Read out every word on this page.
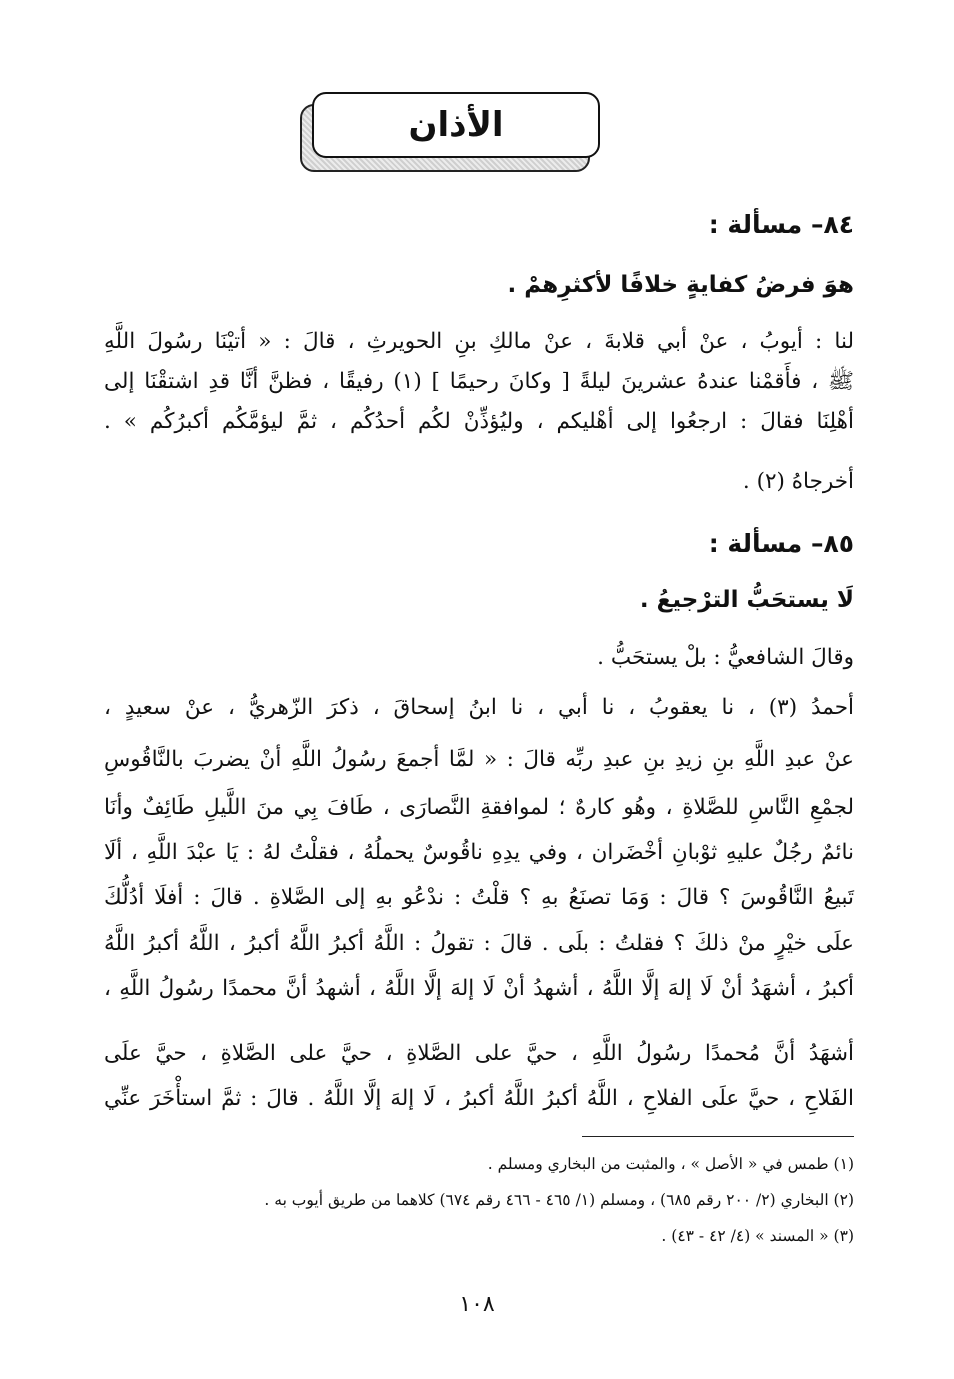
الأذان
٨٤– مسألة :
هوَ فرضُ كفايةٍ خلافًا لأكثرِهمْ .
لنا : أيوبُ ، عنْ أبي قلابةَ ، عنْ مالكِ بنِ الحويرثِ ، قالَ : « أتيْنَا رسُولَ اللَّهِ
ﷺ ، فأَقمْنا عندهُ عشرينَ ليلةً [ وكانَ رحيمًا ] (١) رفيقًا ، فظنَّ أنَّا قدِ اشتقْنَا إلى
أهْلِنَا فقالَ : ارجعُوا إلى أهْليكم ، وليُؤذِّنْ لكُم أحدُكُم ، ثمَّ ليؤمَّكُم أكبرُكُم » .
أخرجاهُ (٢) .
٨٥– مسألة :
لَا يستحَبُّ الترْجيعُ .
وقالَ الشافعيُّ : بلْ يستحَبُّ .
أحمدُ (٣) ، نا يعقوبُ ، نا أبي ، نا ابنُ إسحاقَ ، ذكرَ الزّهريُّ ، عنْ سعيدٍ ،
عنْ عبدِ اللَّهِ بنِ زيدِ بنِ عبدِ ربِّه قالَ : « لمَّا أجمعَ رسُولُ اللَّهِ أنْ يضربَ بالنَّاقُوسِ
لجمْعِ النَّاسِ للصَّلاةِ ، وهُو كارهٌ ؛ لموافقةِ النَّصارَى ، طَافَ بِي منَ اللَّيلِ طَائِفٌ وأنَا
نائمٌ رجُلٌ عليهِ ثوْبانِ أخْضَران ، وفي يدِهِ ناقُوسٌ يحملُهُ ، فقلْتُ لهُ : يَا عبْدَ اللَّهِ ، ألَا
تَبيعُ النَّاقُوسَ ؟ قالَ : وَمَا تصنَعُ بهِ ؟ قلْتُ : ندْعُو بهِ إلى الصَّلاةِ . قالَ : أفلَا أدُلُّكَ
علَى خيْرٍ منْ ذلكَ ؟ فقلتُ : بلَى . قالَ : تقولُ : اللَّهُ أكبرُ اللَّهُ أكبرُ ، اللَّهُ أكبرُ اللَّهُ
أكبرُ ، أشهَدُ أنْ لَا إلهَ إلَّا اللَّهُ ، أشهدُ أنْ لَا إلهَ إلَّا اللَّهُ ، أشهدُ أنَّ محمدًا رسُولُ اللَّهِ ،
أشهَدُ أنَّ مُحمدًا رسُولُ اللَّهِ ، حيَّ على الصَّلاةِ ، حيَّ على الصَّلاةِ ، حيَّ علَى
الفَلاحِ ، حيَّ علَى الفلاحِ ، اللَّهُ أكبرُ اللَّهُ أكبرُ ، لَا إلهَ إلَّا اللَّهُ . قالَ : ثمَّ استأْخَرَ عنِّي
(١) طمس في « الأصل » ، والمثبت من البخاري ومسلم .
(٢) البخاري (٢/ ٢٠٠ رقم ٦٨٥) ، ومسلم (١/ ٤٦٥ - ٤٦٦ رقم ٦٧٤) كلاهما من طريق أيوب به .
(٣) « المسند » (٤/ ٤٢ - ٤٣) .
١٠٨
